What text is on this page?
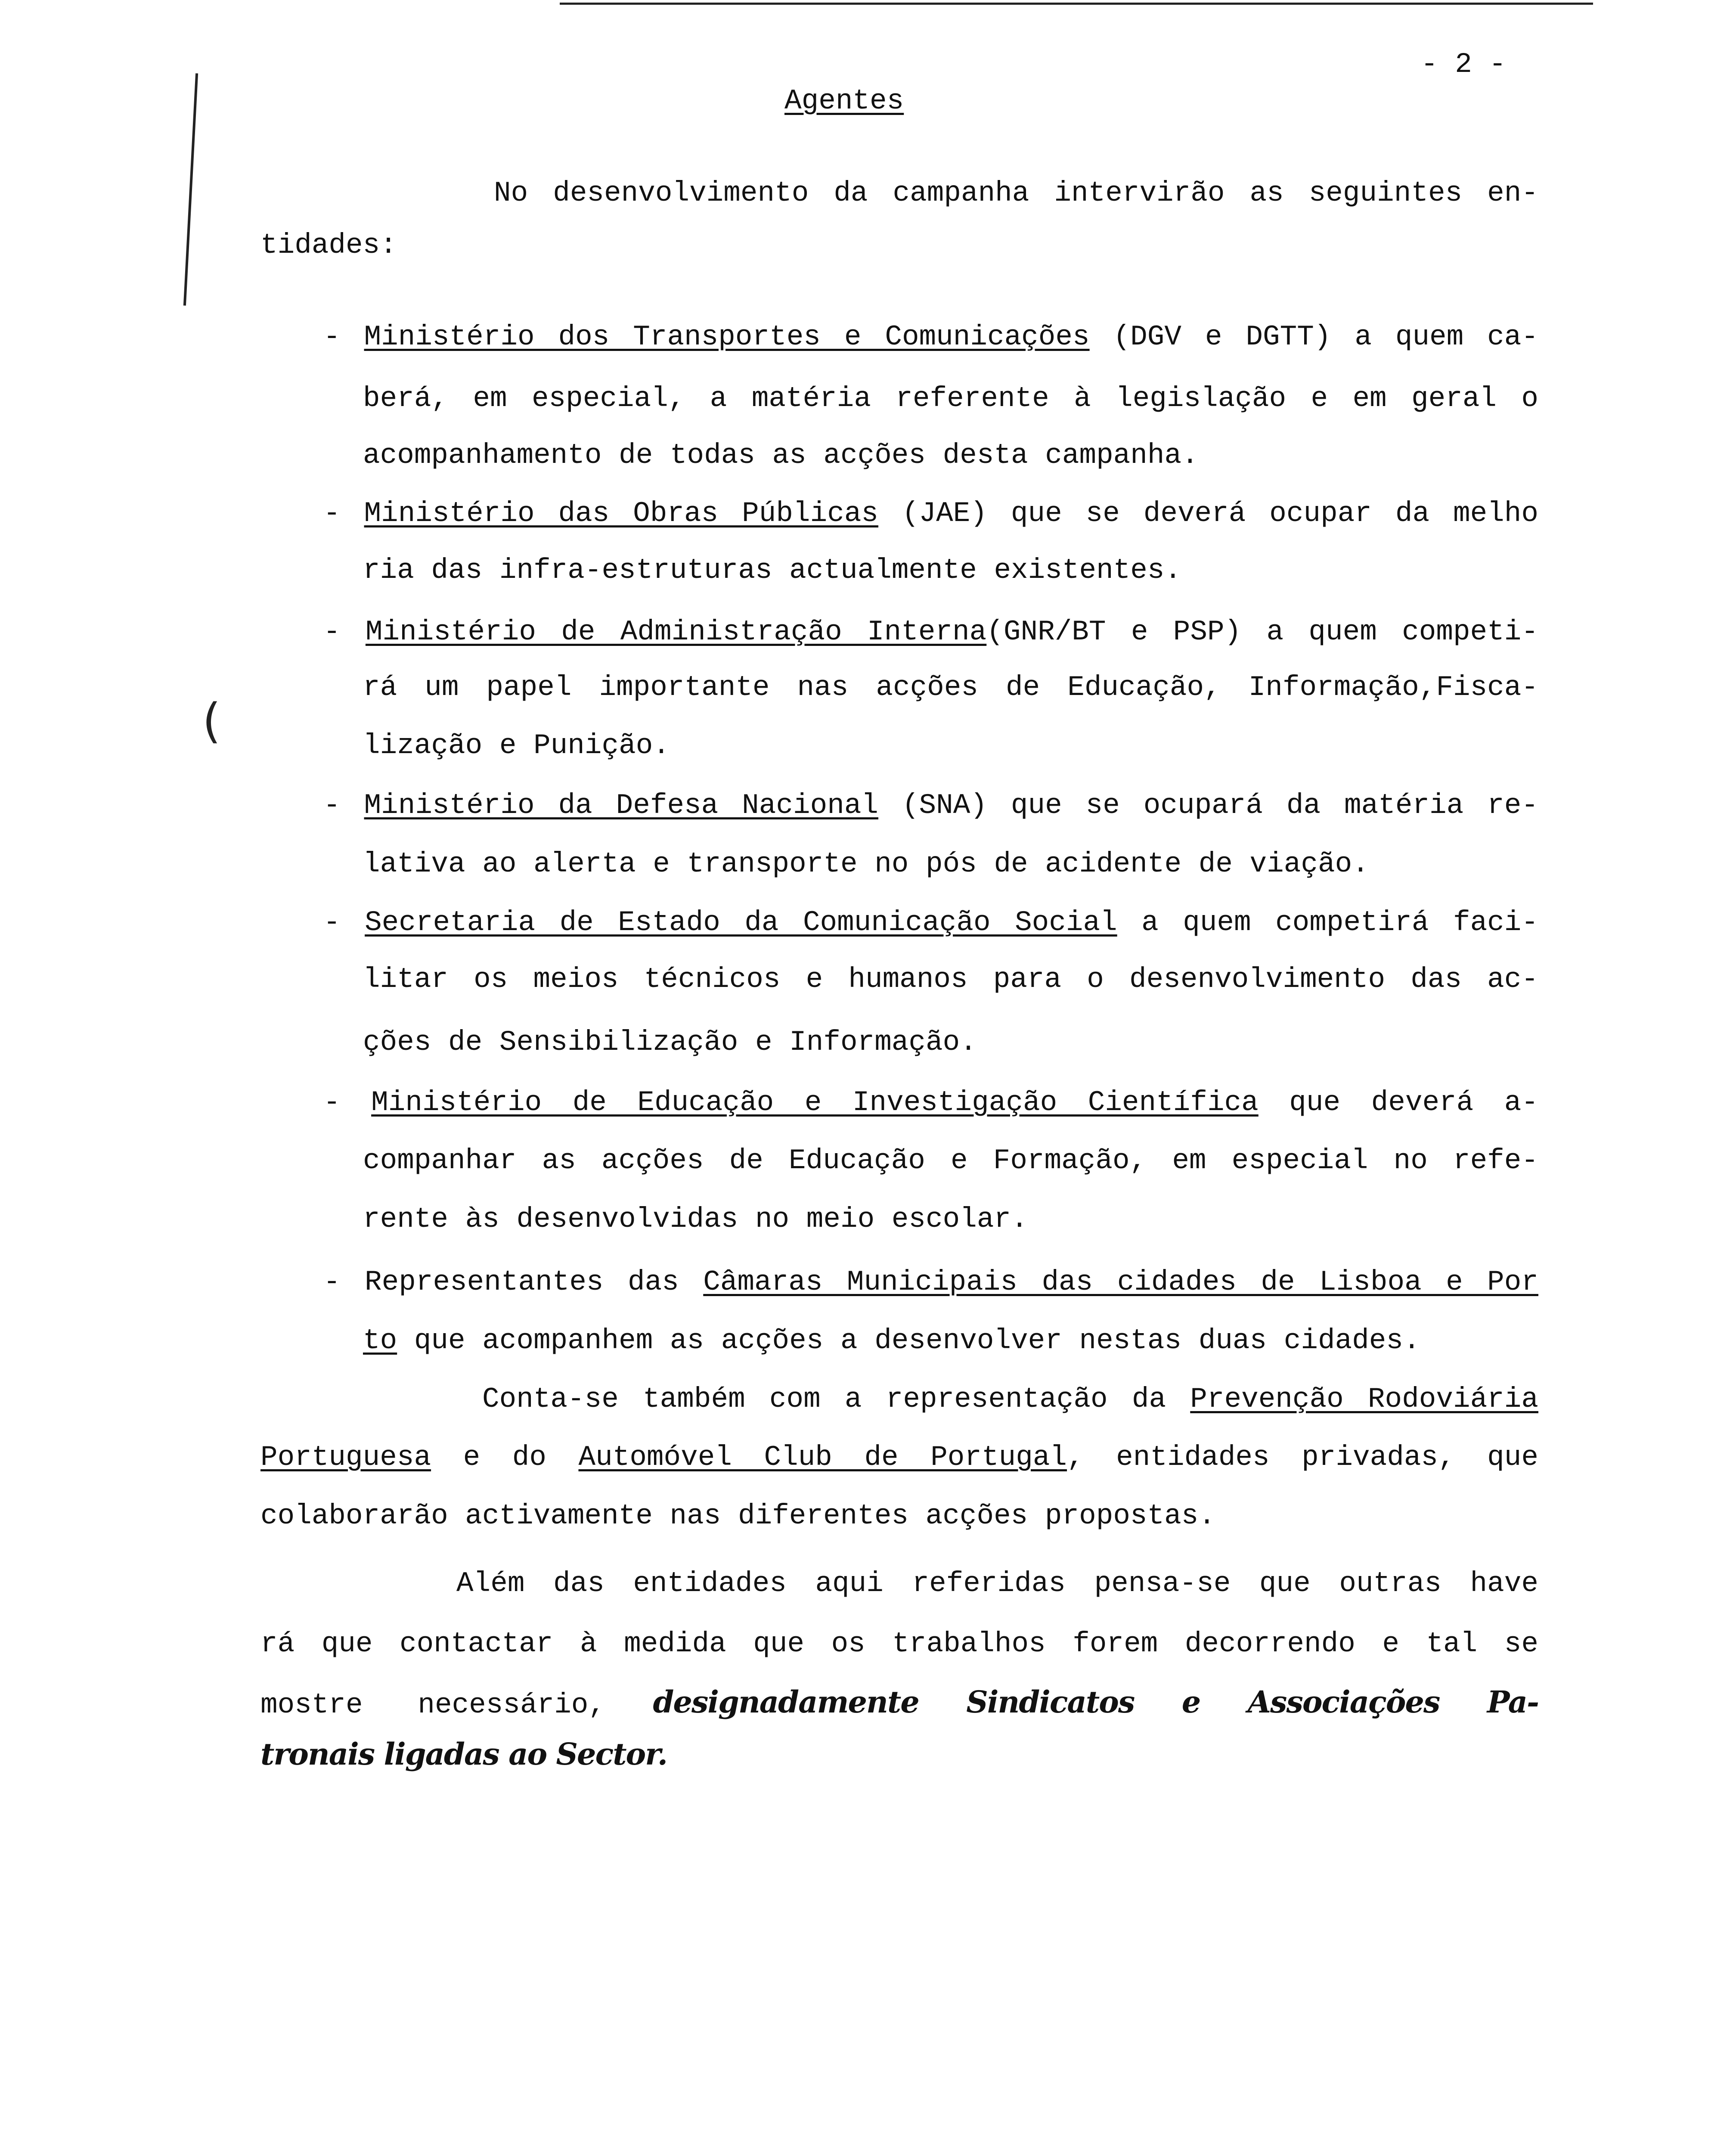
(
- 2 -
Agentes
No desenvolvimento da campanha intervirão as seguintes en-
tidades:
- Ministério dos Transportes e Comunicações (DGV e DGTT) a quem ca-
berá, em especial, a matéria referente à legislação e em geral o
acompanhamento de todas as acções desta campanha.
- Ministério das Obras Públicas (JAE) que se deverá ocupar da melho
ria das infra-estruturas actualmente existentes.
- Ministério de Administração Interna(GNR/BT e PSP) a quem competi-
rá um papel importante nas acções de Educação, Informação,Fisca-
lização e Punição.
- Ministério da Defesa Nacional (SNA) que se ocupará da matéria re-
lativa ao alerta e transporte no pós de acidente de viação.
- Secretaria de Estado da Comunicação Social a quem competirá faci-
litar os meios técnicos e humanos para o desenvolvimento das ac-
ções de Sensibilização e Informação.
- Ministério de Educação e Investigação Científica que deverá a-
companhar as acções de Educação e Formação, em especial no refe-
rente às desenvolvidas no meio escolar.
- Representantes das Câmaras Municipais das cidades de Lisboa e Por
to que acompanhem as acções a desenvolver nestas duas cidades.
Conta-se também com a representação da Prevenção Rodoviária
Portuguesa e do Automóvel Club de Portugal, entidades privadas, que
colaborarão activamente nas diferentes acções propostas.
Além das entidades aqui referidas pensa-se que outras have
rá que contactar à medida que os trabalhos forem decorrendo e tal se
mostre necessário, designadamente Sindicatos e Associações Pa-
tronais ligadas ao Sector.
